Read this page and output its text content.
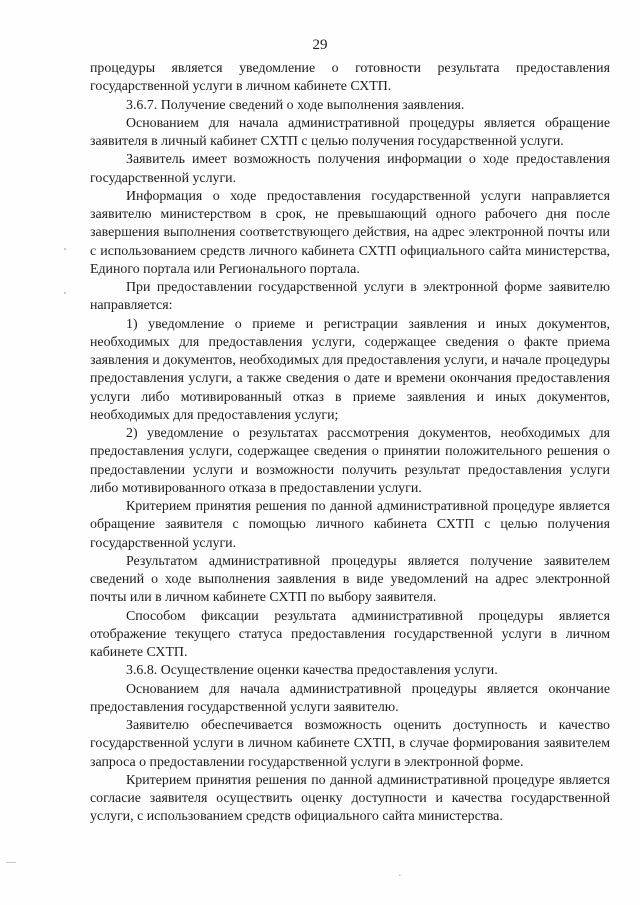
29

процедуры является уведомление о готовности результата предоставления государственной услуги в личном кабинете СХТП.

3.6.7. Получение сведений о ходе выполнения заявления.

Основанием для начала административной процедуры является обращение заявителя в личный кабинет СХТП с целью получения государственной услуги.

Заявитель имеет возможность получения информации о ходе предоставления государственной услуги.

Информация о ходе предоставления государственной услуги направляется заявителю министерством в срок, не превышающий одного рабочего дня после завершения выполнения соответствующего действия, на адрес электронной почты или с использованием средств личного кабинета СХТП официального сайта министерства, Единого портала или Регионального портала.

При предоставлении государственной услуги в электронной форме заявителю направляется:

1) уведомление о приеме и регистрации заявления и иных документов, необходимых для предоставления услуги, содержащее сведения о факте приема заявления и документов, необходимых для предоставления услуги, и начале процедуры предоставления услуги, а также сведения о дате и времени окончания предоставления услуги либо мотивированный отказ в приеме заявления и иных документов, необходимых для предоставления услуги;

2) уведомление о результатах рассмотрения документов, необходимых для предоставления услуги, содержащее сведения о принятии положительного решения о предоставлении услуги и возможности получить результат предоставления услуги либо мотивированного отказа в предоставлении услуги.

Критерием принятия решения по данной административной процедуре является обращение заявителя с помощью личного кабинета СХТП с целью получения государственной услуги.

Результатом административной процедуры является получение заявителем сведений о ходе выполнения заявления в виде уведомлений на адрес электронной почты или в личном кабинете СХТП по выбору заявителя.

Способом фиксации результата административной процедуры является отображение текущего статуса предоставления государственной услуги в личном кабинете СХТП.

3.6.8. Осуществление оценки качества предоставления услуги.

Основанием для начала административной процедуры является окончание предоставления государственной услуги заявителю.

Заявителю обеспечивается возможность оценить доступность и качество государственной услуги в личном кабинете СХТП, в случае формирования заявителем запроса о предоставлении государственной услуги в электронной форме.

Критерием принятия решения по данной административной процедуре является согласие заявителя осуществить оценку доступности и качества государственной услуги, с использованием средств официального сайта министерства.

·
